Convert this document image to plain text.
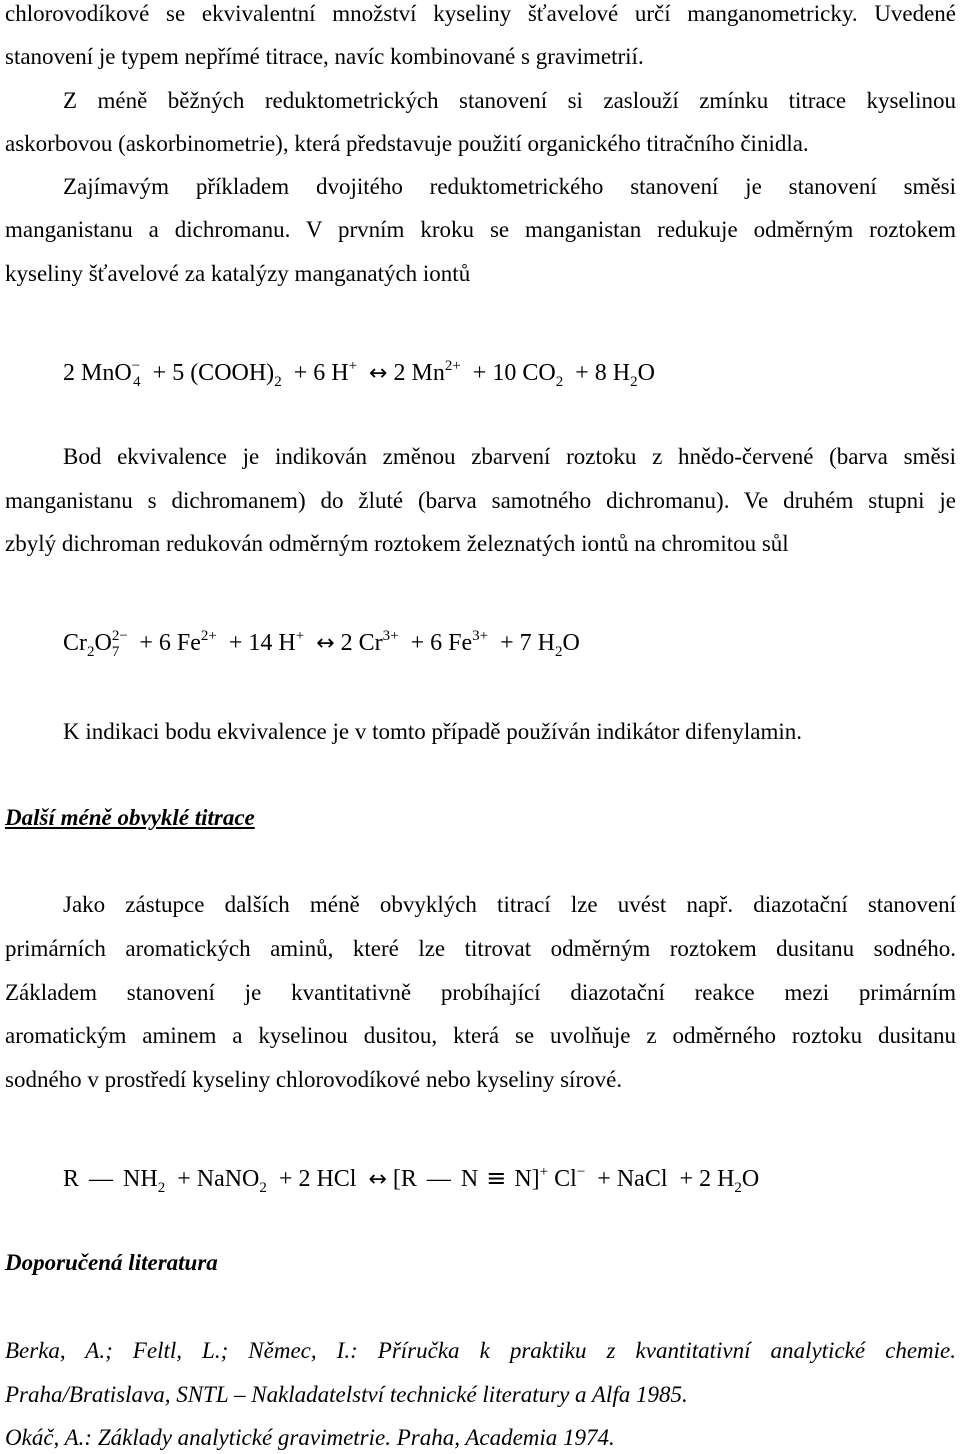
chlorovodíkové se ekvivalentní množství kyseliny šťavelové určí manganometricky. Uvedené
stanovení je typem nepřímé titrace, navíc kombinované s gravimetrií.
Z méně běžných reduktometrických stanovení si zaslouží zmínku titrace kyselinou
askorbovou (askorbinometrie), která představuje použití organického titračního činidla.
Zajímavým příkladem dvojitého reduktometrického stanovení je stanovení směsi
manganistanu a dichromanu. V prvním kroku se manganistan redukuje odměrným roztokem
kyseliny šťavelové za katalýzy manganatých iontů
2 MnO−$_4$ + 5 $(COOH)_2 + 6$ H+ ↔ 2 $Mn^{2+} + 10$ $CO_2 + 8$ $H_2O$
Bod ekvivalence je indikován změnou zbarvení roztoku z hnědo-červené (barva směsi
manganistanu s dichromanem) do žluté (barva samotného dichromanu). Ve druhém stupni je
zbylý dichroman redukován odměrným roztokem železnatých iontů na chromitou sůl
$Cr_2O^{2-}_7 + 6$ $Fe^{2+} + 14$ H+ ↔ 2 $Cr^{3+} + 6$ $Fe^{3+} + 7$ $H_2O$
K indikaci bodu ekvivalence je v tomto případě používán indikátor difenylamin.
Další méně obvyklé titrace
Jako zástupce dalších méně obvyklých titrací lze uvést např. diazotační stanovení
primárních aromatických aminů, které lze titrovat odměrným roztokem dusitanu sodného.
Základem stanovení je kvantitativně probíhající diazotační reakce mezi primárním
aromatickým aminem a kyselinou dusitou, která se uvolňuje z odměrného roztoku dusitanu
sodného v prostředí kyseliny chlorovodíkové nebo kyseliny sírové.
R — $NH_2$ + NaNO$_2$ + 2 HCl ↔ [R — N ≡ N]+ Cl− + NaCl + 2 $H_2O$
Doporučená literatura
Berka, A.; Feltl, L.; Němec, I.: Příručka k praktiku z kvantitativní analytické chemie.
Praha/Bratislava, SNTL – Nakladatelství technické literatury a Alfa 1985.
Okáč, A.: Základy analytické gravimetrie. Praha, Academia 1974.
